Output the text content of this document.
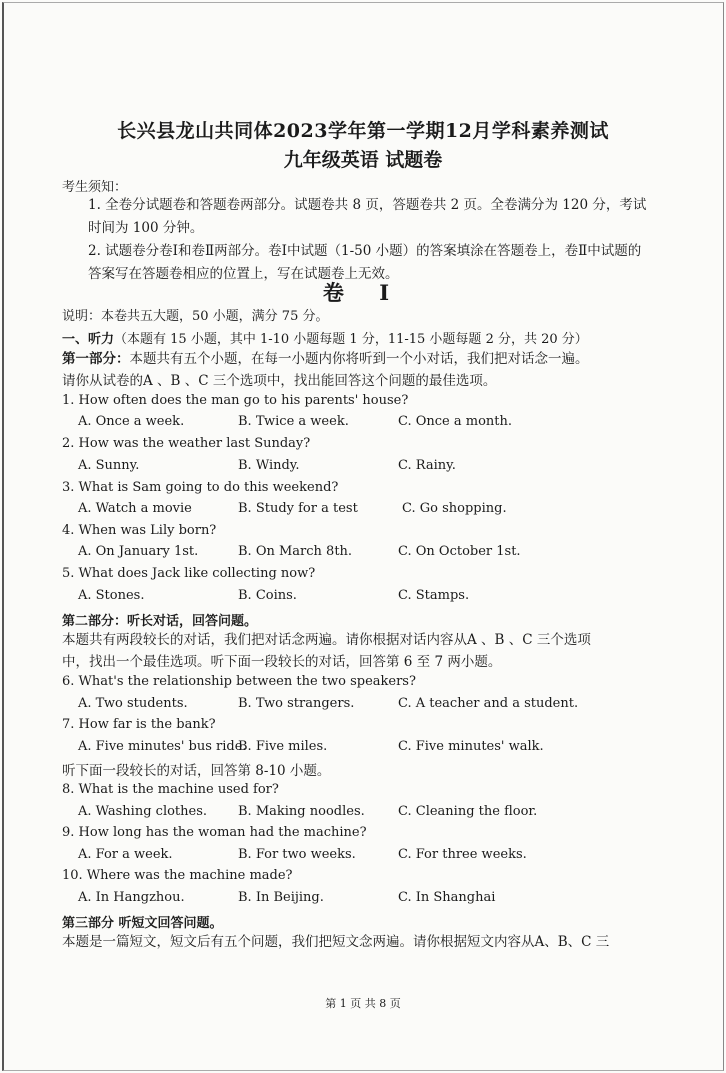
长兴县龙山共同体2023学年第一学期12月学科素养测试
九年级英语 试题卷
考生须知：
1. 全卷分试题卷和答题卷两部分。试题卷共 8 页，答题卷共 2 页。全卷满分为 120 分，考试时间为 100 分钟。
2. 试题卷分卷Ⅰ和卷Ⅱ两部分。卷Ⅰ中试题（1-50 小题）的答案填涂在答题卷上，卷Ⅱ中试题的答案写在答题卷相应的位置上，写在试题卷上无效。
卷 Ⅰ
说明：本卷共五大题，50 小题，满分 75 分。
一、听力（本题有 15 小题，其中 1-10 小题每题 1 分，11-15 小题每题 2 分，共 20 分）
第一部分：本题共有五个小题，在每一小题内你将听到一个小对话，我们把对话念一遍。
请你从试卷的A 、B 、C 三个选项中，找出能回答这个问题的最佳选项。
1. How often does the man go to his parents' house?
A. Once a week.	B. Twice a week.	C. Once a month.
2. How was the weather last Sunday?
A. Sunny.	B. Windy.	C. Rainy.
3. What is Sam going to do this weekend?
A. Watch a movie	B. Study for a test	C. Go shopping.
4. When was Lily born?
A. On January 1st.	B. On March 8th.	C. On October 1st.
5. What does Jack like collecting now?
A. Stones.	B. Coins.	C. Stamps.
第二部分：听长对话，回答问题。
本题共有两段较长的对话，我们把对话念两遍。请你根据对话内容从A 、B 、C 三个选项
中，找出一个最佳选项。听下面一段较长的对话，回答第 6 至 7 两小题。
6. What's the relationship between the two speakers?
A. Two students.	B. Two strangers.	C. A teacher and a student.
7. How far is the bank?
A. Five minutes' bus ride.
B. Five miles.	C. Five minutes' walk.
听下面一段较长的对话，回答第 8-10 小题。
8. What is the machine used for?
A. Washing clothes. B. Making noodles.	C. Cleaning the floor.
9. How long has the woman had the machine?
A. For a week.	B. For two weeks.	C. For three weeks.
10. Where was the machine made?
A. In Hangzhou.	B. In Beijing.	C. In Shanghai
第三部分 听短文回答问题。
本题是一篇短文，短文后有五个问题，我们把短文念两遍。请你根据短文内容从A、B、C 三
第 1 页 共 8 页
